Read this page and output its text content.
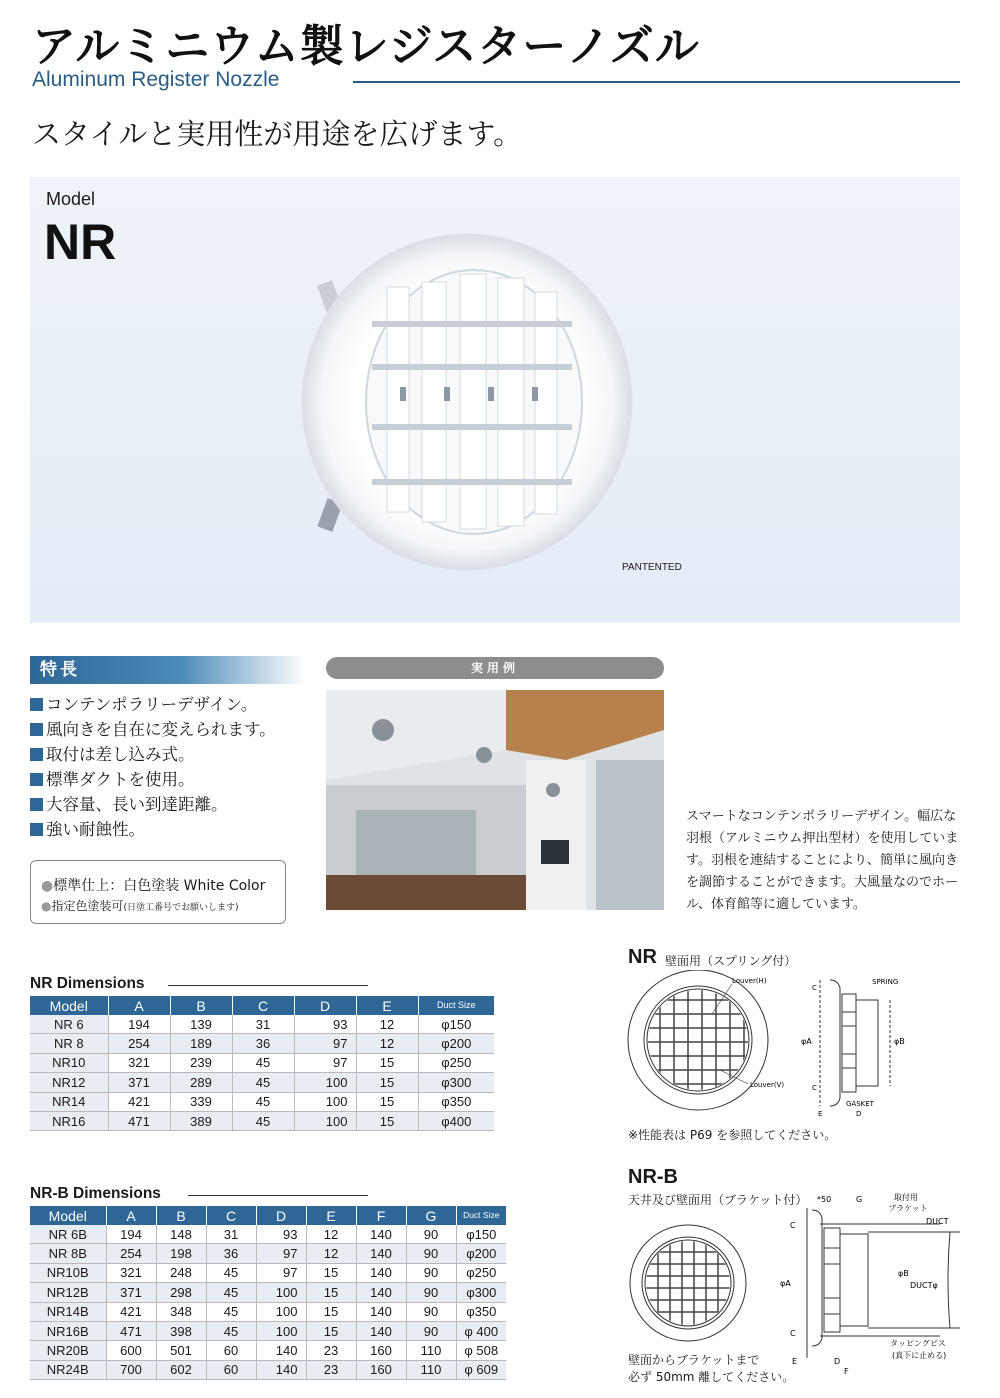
アルミニウム製レジスターノズル
Aluminum Register Nozzle
スタイルと実用性が用途を広げます。
Model
NR
PANTENTED
特長
コンテンポラリーデザイン。
風向きを自在に変えられます。
取付は差し込み式。
標準ダクトを使用。
大容量、長い到達距離。
強い耐蝕性。
●標準仕上：白色塗装 White Color
●指定色塗装可(日塗工番号でお願いします)
実用例
スマートなコンテンポラリーデザイン。幅広な羽根（アルミニウム押出型材）を使用しています。羽根を連結することにより、簡単に風向きを調節することができます。大風量なのでホール、体育館等に適しています。
NR Dimensions
Model	A	B	C	D	E	Duct Size
NR 6	194	139	31	93	12	φ150
NR 8	254	189	36	97	12	φ200
NR10	321	239	45	97	15	φ250
NR12	371	289	45	100	15	φ300
NR14	421	339	45	100	15	φ350
NR16	471	389	45	100	15	φ400
NR-B Dimensions
Model	A	B	C	D	E	F	G	Duct Size
NR 6B	194	148	31	93	12	140	90	φ150
NR 8B	254	198	36	97	12	140	90	φ200
NR10B	321	248	45	97	15	140	90	φ250
NR12B	371	298	45	100	15	140	90	φ300
NR14B	421	348	45	100	15	140	90	φ350
NR16B	471	398	45	100	15	140	90	φ 400
NR20B	600	501	60	140	23	160	110	φ 508
NR24B	700	602	60	140	23	160	110	φ 609
NR 壁面用（スプリング付）
Louver(H)
Louver(V)
SPRING
GASKET
C
C
φA	φB
E	D
※性能表は P69 を参照してください。
NR-B
天井及び壁面用（ブラケット付） *50	G	取付用
ブラケット
DUCT
C
C
φA
φB
DUCTφ
タッピングビス
(真下に止める)
E	D
F
壁面からブラケットまで
必ず 50mm 離してください。
